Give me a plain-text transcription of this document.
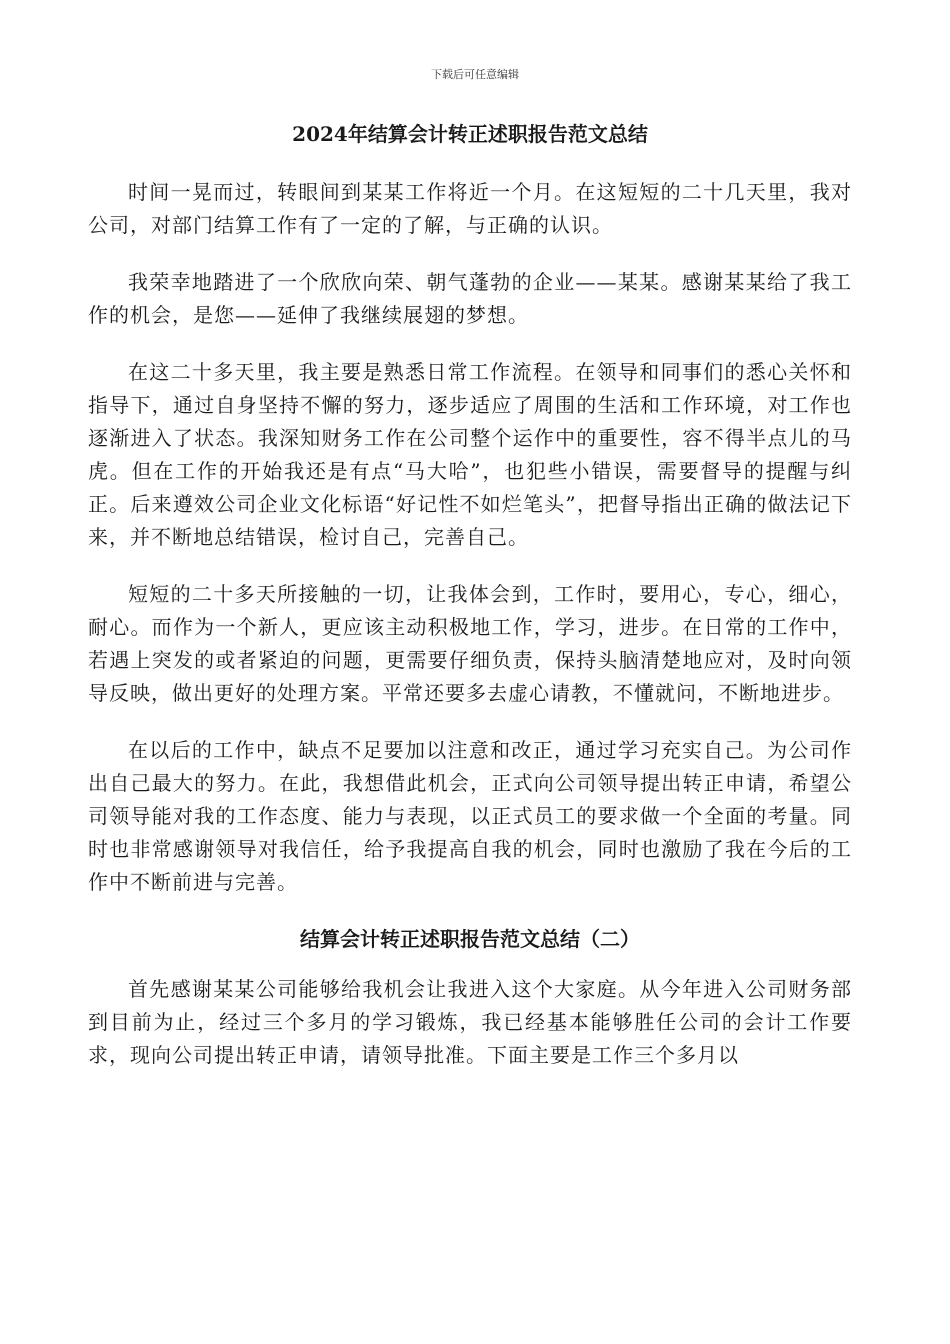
下载后可任意编辑
2024年结算会计转正述职报告范文总结

时间一晃而过，转眼间到某某工作将近一个月。在这短短的二十几天里，我对公司，对部门结算工作有了一定的了解，与正确的认识。

我荣幸地踏进了一个欣欣向荣、朝气蓬勃的企业——某某。感谢某某给了我工作的机会，是您——延伸了我继续展翅的梦想。

在这二十多天里，我主要是熟悉日常工作流程。在领导和同事们的悉心关怀和指导下，通过自身坚持不懈的努力，逐步适应了周围的生活和工作环境，对工作也逐渐进入了状态。我深知财务工作在公司整个运作中的重要性，容不得半点儿的马虎。但在工作的开始我还是有点“马大哈”，也犯些小错误，需要督导的提醒与纠正。后来遵效公司企业文化标语“好记性不如烂笔头”，把督导指出正确的做法记下来，并不断地总结错误，检讨自己，完善自己。

短短的二十多天所接触的一切，让我体会到，工作时，要用心，专心，细心，耐心。而作为一个新人，更应该主动积极地工作，学习，进步。在日常的工作中，若遇上突发的或者紧迫的问题，更需要仔细负责，保持头脑清楚地应对，及时向领导反映，做出更好的处理方案。平常还要多去虚心请教，不懂就问，不断地进步。

在以后的工作中，缺点不足要加以注意和改正，通过学习充实自己。为公司作出自己最大的努力。在此，我想借此机会，正式向公司领导提出转正申请，希望公司领导能对我的工作态度、能力与表现，以正式员工的要求做一个全面的考量。同时也非常感谢领导对我信任，给予我提高自我的机会，同时也激励了我在今后的工作中不断前进与完善。

结算会计转正述职报告范文总结（二）

首先感谢某某公司能够给我机会让我进入这个大家庭。从今年进入公司财务部到目前为止，经过三个多月的学习锻炼，我已经基本能够胜任公司的会计工作要求，现向公司提出转正申请，请领导批准。下面主要是工作三个多月以
